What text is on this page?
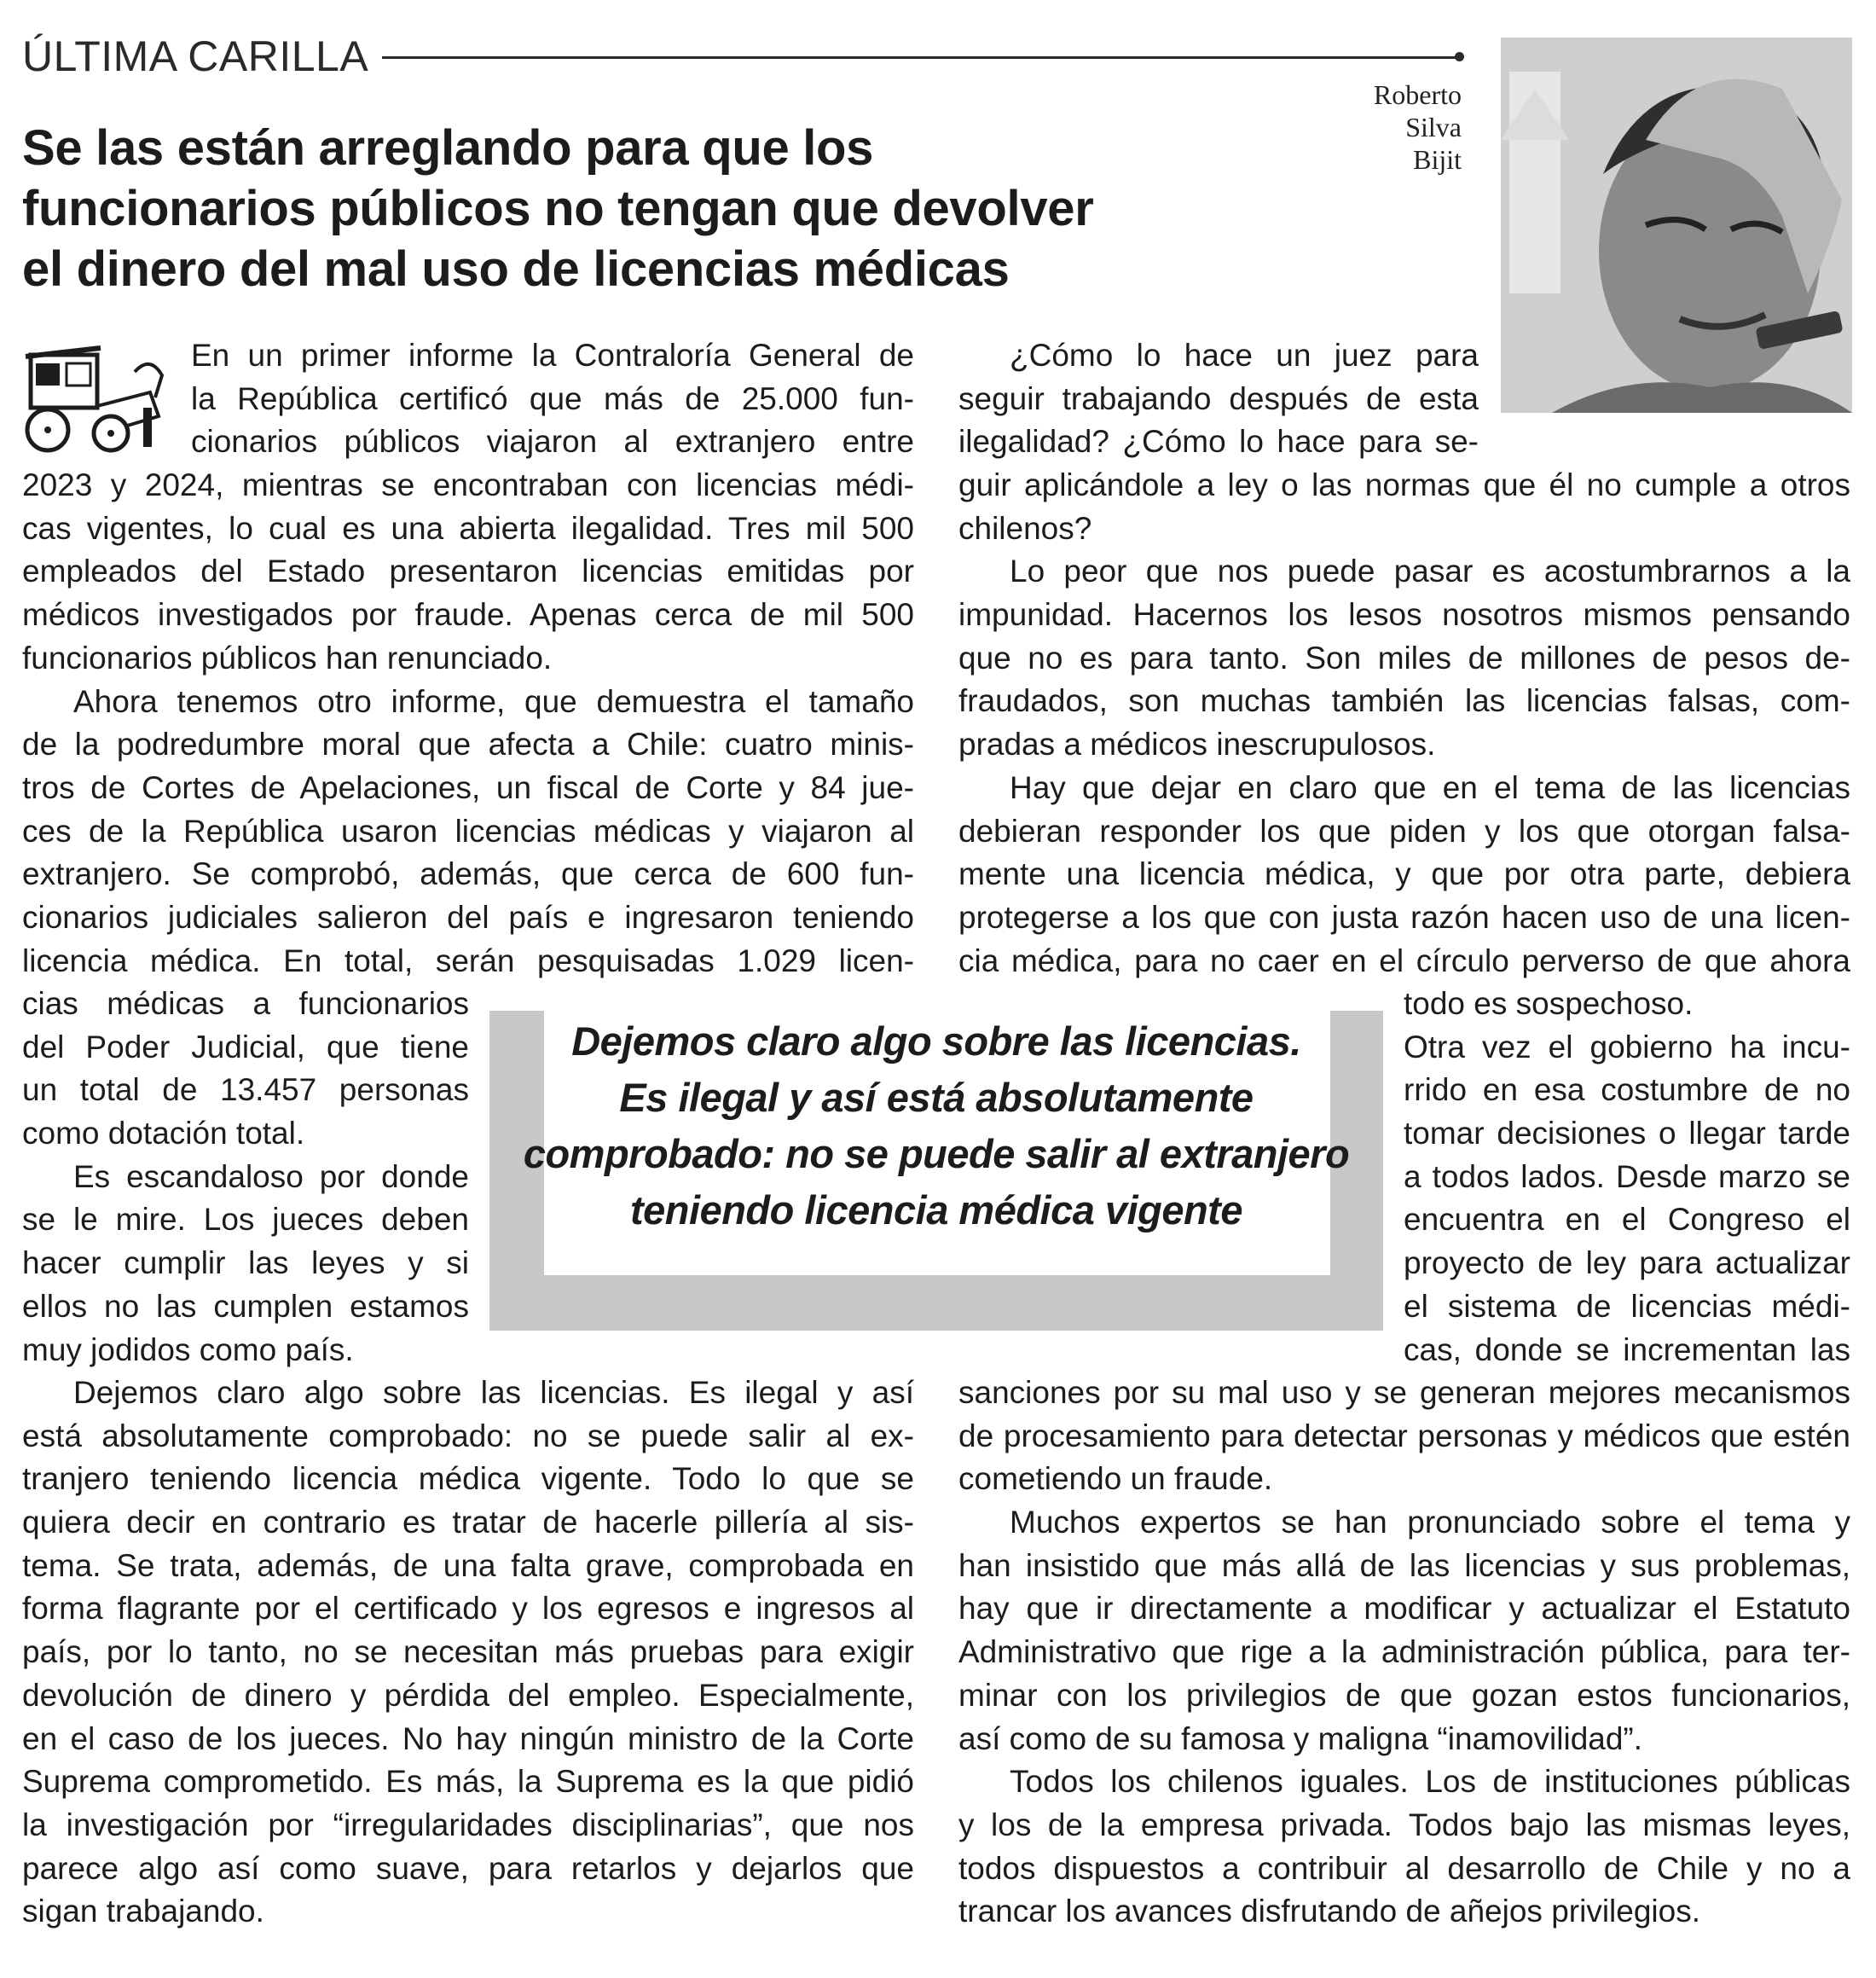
ÚLTIMA CARILLA
Se las están arreglando para que los
funcionarios públicos no tengan que devolver
el dinero del mal uso de licencias médicas
Roberto
Silva
Bijit
En un primer informe la Contraloría General de
la República certificó que más de 25.000 fun-
cionarios públicos viajaron al extranjero entre
2023 y 2024, mientras se encontraban con licencias médi-
cas vigentes, lo cual es una abierta ilegalidad. Tres mil 500
empleados del Estado presentaron licencias emitidas por
médicos investigados por fraude. Apenas cerca de mil 500
funcionarios públicos han renunciado.
Ahora tenemos otro informe, que demuestra el tamaño
de la podredumbre moral que afecta a Chile: cuatro minis-
tros de Cortes de Apelaciones, un fiscal de Corte y 84 jue-
ces de la República usaron licencias médicas y viajaron al
extranjero. Se comprobó, además, que cerca de 600 fun-
cionarios judiciales salieron del país e ingresaron teniendo
licencia médica. En total, serán pesquisadas 1.029 licen-
cias médicas a funcionarios
del Poder Judicial, que tiene
un total de 13.457 personas
como dotación total.
Es escandaloso por donde
se le mire. Los jueces deben
hacer cumplir las leyes y si
ellos no las cumplen estamos
muy jodidos como país.
Dejemos claro algo sobre las licencias. Es ilegal y así
está absolutamente comprobado: no se puede salir al ex-
tranjero teniendo licencia médica vigente. Todo lo que se
quiera decir en contrario es tratar de hacerle pillería al sis-
tema. Se trata, además, de una falta grave, comprobada en
forma flagrante por el certificado y los egresos e ingresos al
país, por lo tanto, no se necesitan más pruebas para exigir
devolución de dinero y pérdida del empleo. Especialmente,
en el caso de los jueces. No hay ningún ministro de la Corte
Suprema comprometido. Es más, la Suprema es la que pidió
la investigación por “irregularidades disciplinarias”, que nos
parece algo así como suave, para retarlos y dejarlos que
sigan trabajando.
¿Cómo lo hace un juez para
seguir trabajando después de esta
ilegalidad? ¿Cómo lo hace para se-
guir aplicándole a ley o las normas que él no cumple a otros
chilenos?
Lo peor que nos puede pasar es acostumbrarnos a la
impunidad. Hacernos los lesos nosotros mismos pensando
que no es para tanto. Son miles de millones de pesos de-
fraudados, son muchas también las licencias falsas, com-
pradas a médicos inescrupulosos.
Hay que dejar en claro que en el tema de las licencias
debieran responder los que piden y los que otorgan falsa-
mente una licencia médica, y que por otra parte, debiera
protegerse a los que con justa razón hacen uso de una licen-
cia médica, para no caer en el círculo perverso de que ahora
todo es sospechoso.
Otra vez el gobierno ha incu-
rrido en esa costumbre de no
tomar decisiones o llegar tarde
a todos lados. Desde marzo se
encuentra en el Congreso el
proyecto de ley para actualizar
el sistema de licencias médi-
cas, donde se incrementan las
sanciones por su mal uso y se generan mejores mecanismos
de procesamiento para detectar personas y médicos que estén
cometiendo un fraude.
Muchos expertos se han pronunciado sobre el tema y
han insistido que más allá de las licencias y sus problemas,
hay que ir directamente a modificar y actualizar el Estatuto
Administrativo que rige a la administración pública, para ter-
minar con los privilegios de que gozan estos funcionarios,
así como de su famosa y maligna “inamovilidad”.
Todos los chilenos iguales. Los de instituciones públicas
y los de la empresa privada. Todos bajo las mismas leyes,
todos dispuestos a contribuir al desarrollo de Chile y no a
trancar los avances disfrutando de añejos privilegios.
Dejemos claro algo sobre las licencias.
Es ilegal y así está absolutamente
comprobado: no se puede salir al extranjero
teniendo licencia médica vigente
